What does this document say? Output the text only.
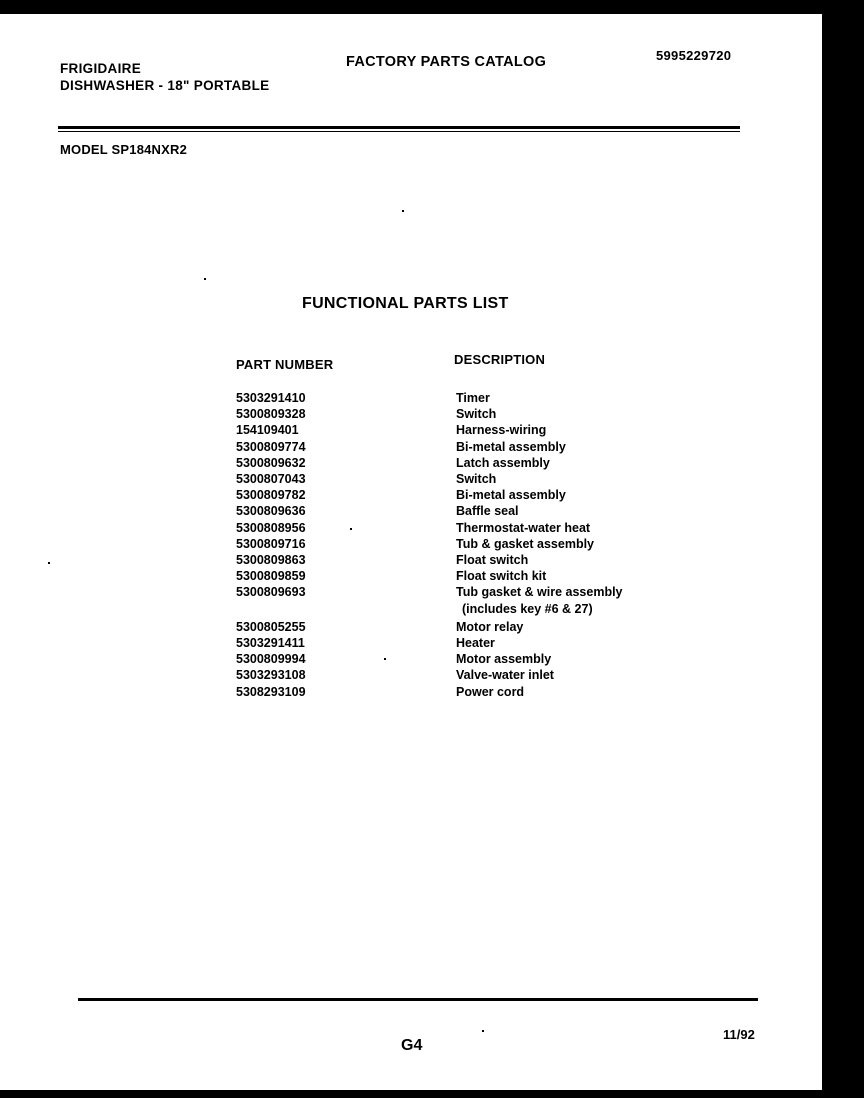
FRIGIDAIRE
DISHWASHER - 18" PORTABLE
FACTORY PARTS CATALOG	5995229720
MODEL SP184NXR2
FUNCTIONAL PARTS LIST
PART NUMBER	DESCRIPTION
5303291410	Timer
5300809328	Switch
154109401	Harness-wiring
5300809774	Bi-metal assembly
5300809632	Latch assembly
5300807043	Switch
5300809782	Bi-metal assembly
5300809636	Baffle seal
5300808956	Thermostat-water heat
5300809716	Tub & gasket assembly
5300809863	Float switch
5300809859	Float switch kit
5300809693	Tub gasket & wire assembly
(includes key #6 & 27)
5300805255	Motor relay
5303291411	Heater
5300809994	Motor assembly
5303293108	Valve-water inlet
5308293109	Power cord
G4
11/92
